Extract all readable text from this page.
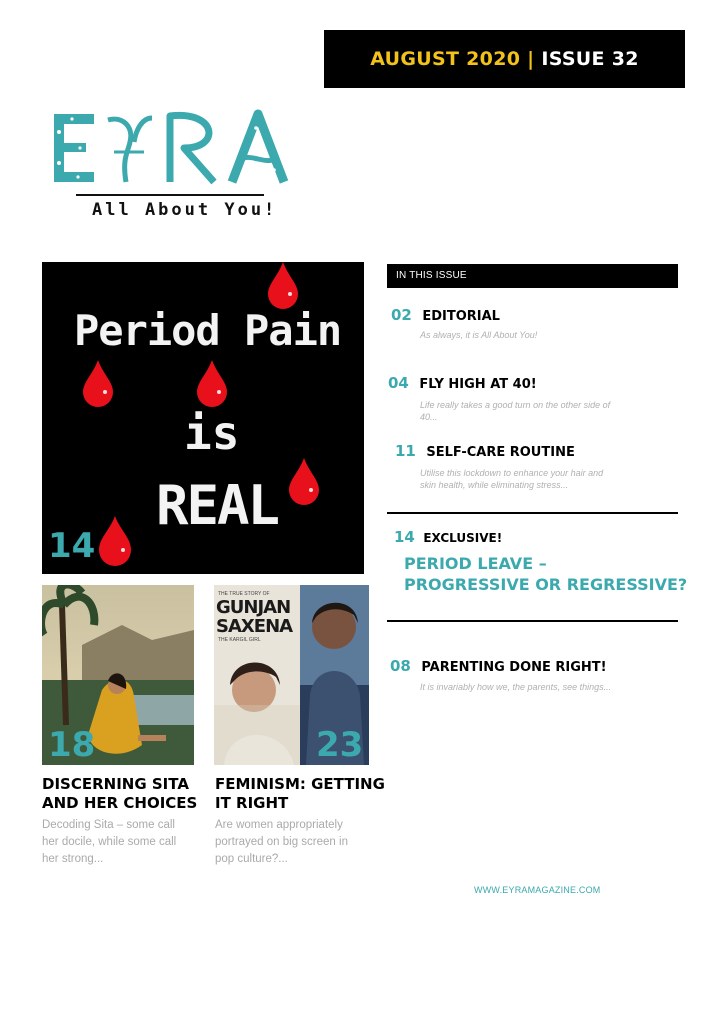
AUGUST 2020 | ISSUE 32
All About You!
Period Pain
is
REAL
14
18
THE TRUE STORY OF
GUNJAN
SAXENA
THE KARGIL GIRL
23
DISCERNING SITA
AND HER CHOICES
Decoding Sita – some call
her docile, while some call
her strong...
FEMINISM: GETTING
IT RIGHT
Are women appropriately
portrayed on big screen in
pop culture?...
IN THIS ISSUE
02 EDITORIAL
As always, it is All About You!
04 FLY HIGH AT 40!
Life really takes a good turn on the other side of
40...
11 SELF-CARE ROUTINE
Utilise this lockdown to enhance your hair and
skin health, while eliminating stress...
14 EXCLUSIVE!
PERIOD LEAVE –
PROGRESSIVE OR REGRESSIVE?
08 PARENTING DONE RIGHT!
It is invariably how we, the parents, see things...
WWW.EYRAMAGAZINE.COM
